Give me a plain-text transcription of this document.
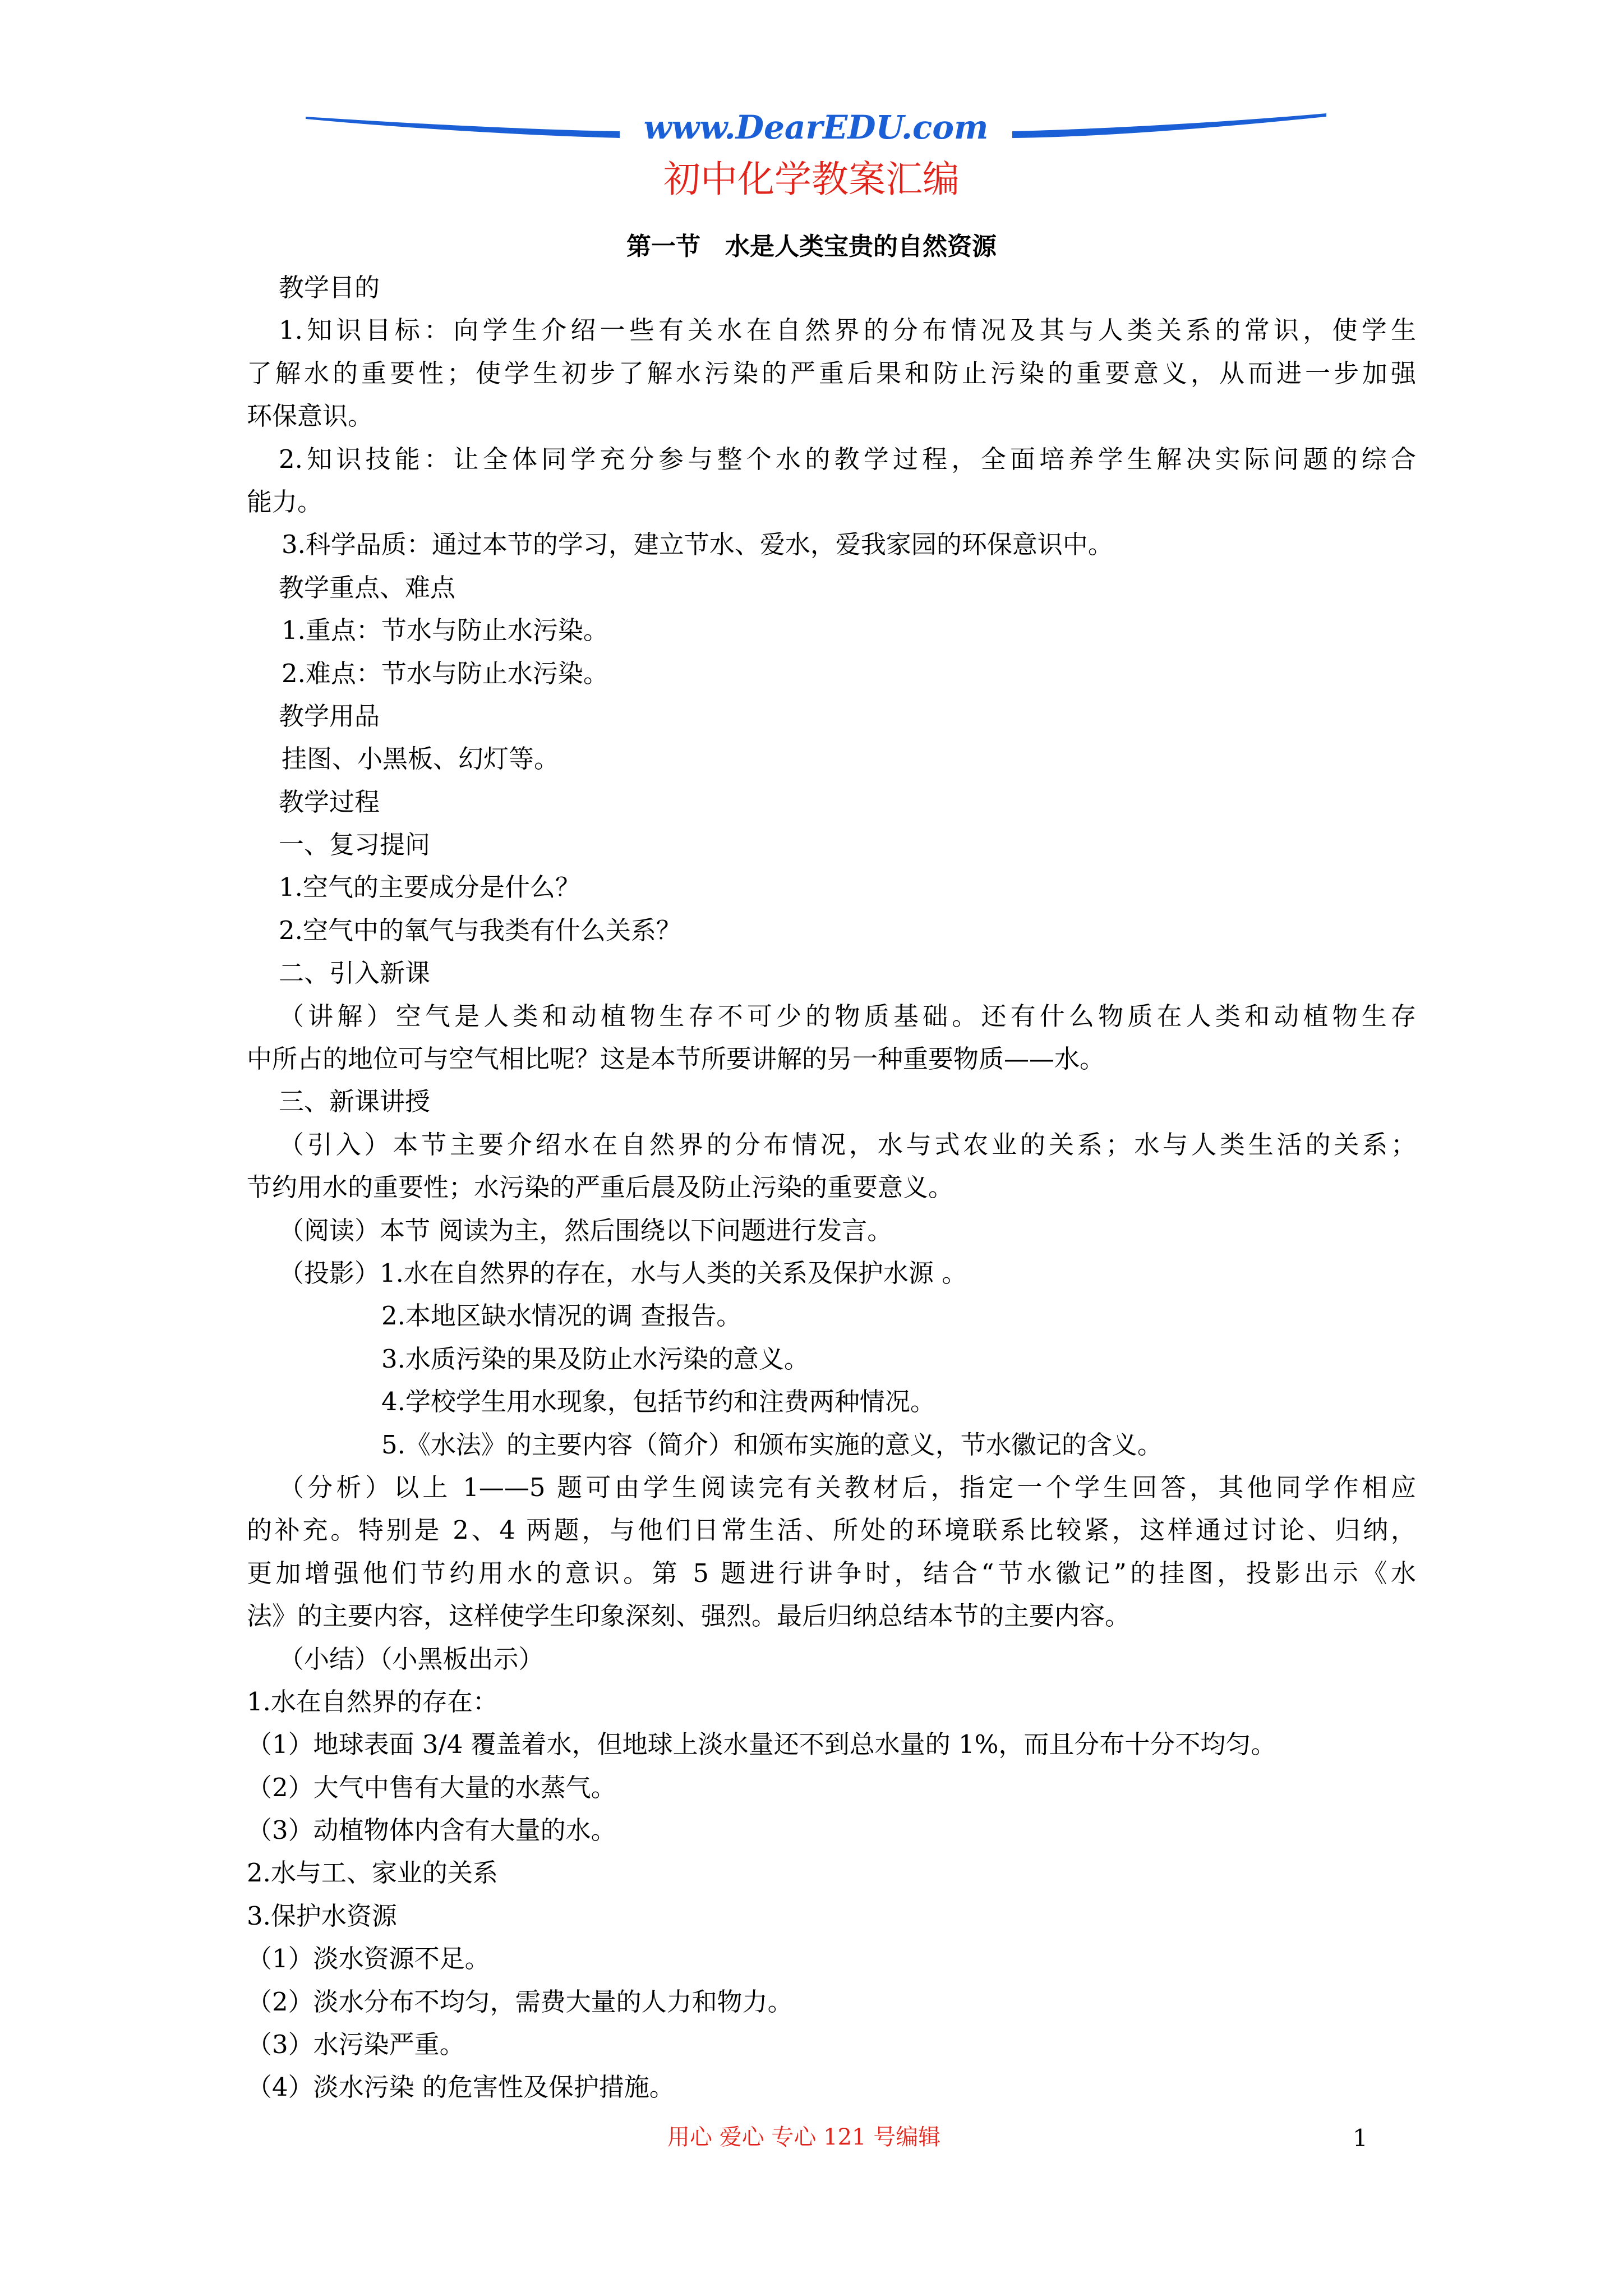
www.DearEDU.com
初中化学教案汇编
第一节　水是人类宝贵的自然资源
教学目的
1.知识目标：向学生介绍一些有关水在自然界的分布情况及其与人类关系的常识，使学生
了解水的重要性；使学生初步了解水污染的严重后果和防止污染的重要意义，从而进一步加强
环保意识。
2.知识技能：让全体同学充分参与整个水的教学过程，全面培养学生解决实际问题的综合
能力。
3.科学品质：通过本节的学习，建立节水、爱水，爱我家园的环保意识中。
教学重点、难点
1.重点：节水与防止水污染。
2.难点：节水与防止水污染。
教学用品
挂图、小黑板、幻灯等。
教学过程
一、复习提问
1.空气的主要成分是什么？
2.空气中的氧气与我类有什么关系？
二、引入新课
（讲解）空气是人类和动植物生存不可少的物质基础。还有什么物质在人类和动植物生存
中所占的地位可与空气相比呢？这是本节所要讲解的另一种重要物质——水。
三、新课讲授
（引入）本节主要介绍水在自然界的分布情况，水与式农业的关系；水与人类生活的关系；
节约用水的重要性；水污染的严重后晨及防止污染的重要意义。
（阅读）本节 阅读为主，然后围绕以下问题进行发言。
（投影）1.水在自然界的存在，水与人类的关系及保护水源 。
2.本地区缺水情况的调 查报告。
3.水质污染的果及防止水污染的意义。
4.学校学生用水现象，包括节约和注费两种情况。
5.《水法》的主要内容（简介）和颁布实施的意义，节水徽记的含义。
（分析）以上 1——5 题可由学生阅读完有关教材后，指定一个学生回答，其他同学作相应
的补充。特别是 2、4 两题，与他们日常生活、所处的环境联系比较紧，这样通过讨论、归纳，
更加增强他们节约用水的意识。第 5 题进行讲争时，结合“节水徽记”的挂图，投影出示《水
法》的主要内容，这样使学生印象深刻、强烈。最后归纳总结本节的主要内容。
（小结）（小黑板出示）
1.水在自然界的存在：
（1）地球表面 3/4 覆盖着水，但地球上淡水量还不到总水量的 1%，而且分布十分不均匀。
（2）大气中售有大量的水蒸气。
（3）动植物体内含有大量的水。
2.水与工、家业的关系
3.保护水资源
（1）淡水资源不足。
（2）淡水分布不均匀，需费大量的人力和物力。
（3）水污染严重。
（4）淡水污染 的危害性及保护措施。
用心 爱心 专心 121 号编辑	1
